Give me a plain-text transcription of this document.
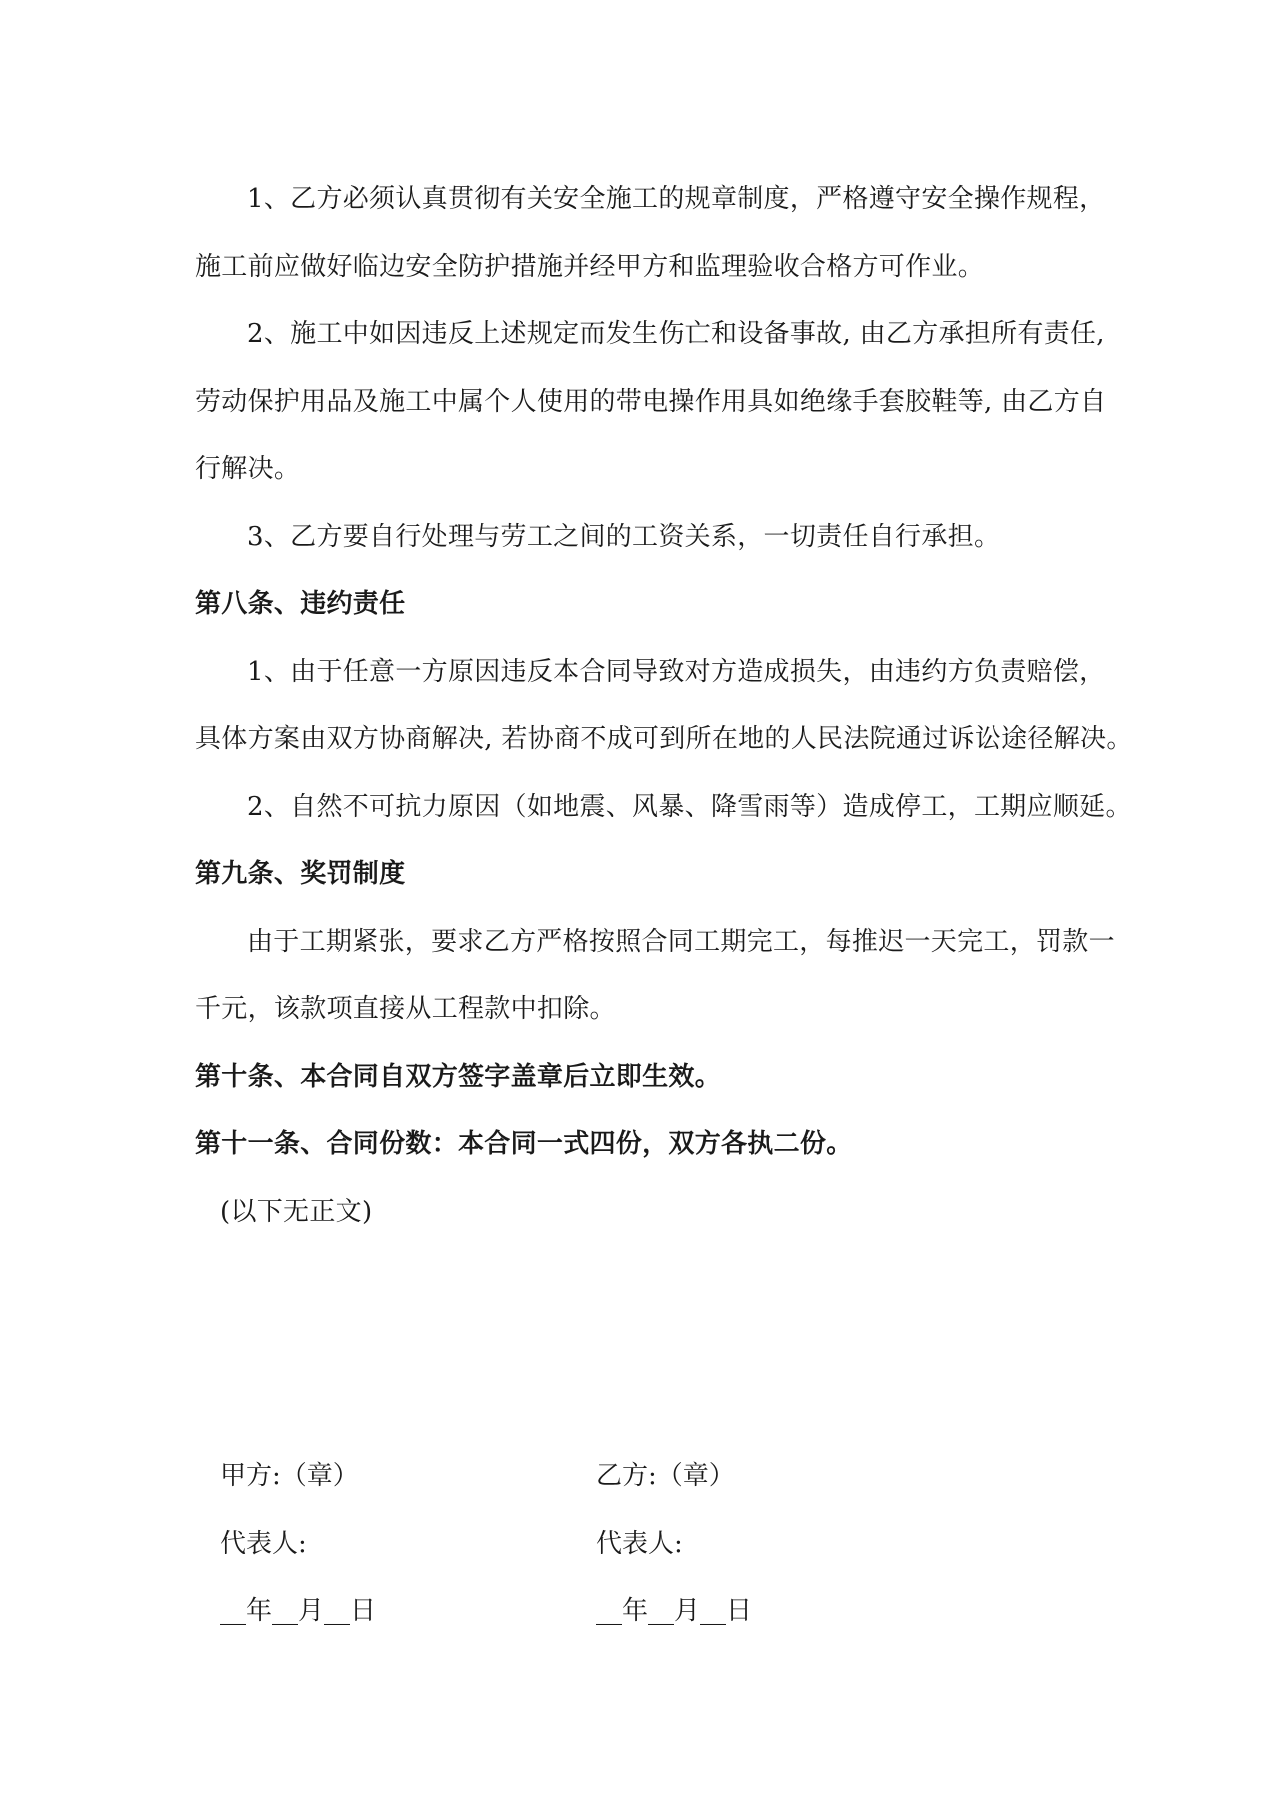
1、乙方必须认真贯彻有关安全施工的规章制度，严格遵守安全操作规程，

施工前应做好临边安全防护措施并经甲方和监理验收合格方可作业。

2、施工中如因违反上述规定而发生伤亡和设备事故, 由乙方承担所有责任,

劳动保护用品及施工中属个人使用的带电操作用具如绝缘手套胶鞋等, 由乙方自

行解决。

3、乙方要自行处理与劳工之间的工资关系，一切责任自行承担。

第八条、违约责任

1、由于任意一方原因违反本合同导致对方造成损失，由违约方负责赔偿，

具体方案由双方协商解决, 若协商不成可到所在地的人民法院通过诉讼途径解决。

2、自然不可抗力原因（如地震、风暴、降雪雨等）造成停工，工期应顺延。

第九条、奖罚制度

由于工期紧张，要求乙方严格按照合同工期完工，每推迟一天完工，罚款一

千元，该款项直接从工程款中扣除。

第十条、本合同自双方签字盖章后立即生效。

第十一条、合同份数：本合同一式四份，双方各执二份。

(以下无正文)

甲方:（章）	乙方:（章）
代表人:	代表人:
__年__月__日	__年__月__日
